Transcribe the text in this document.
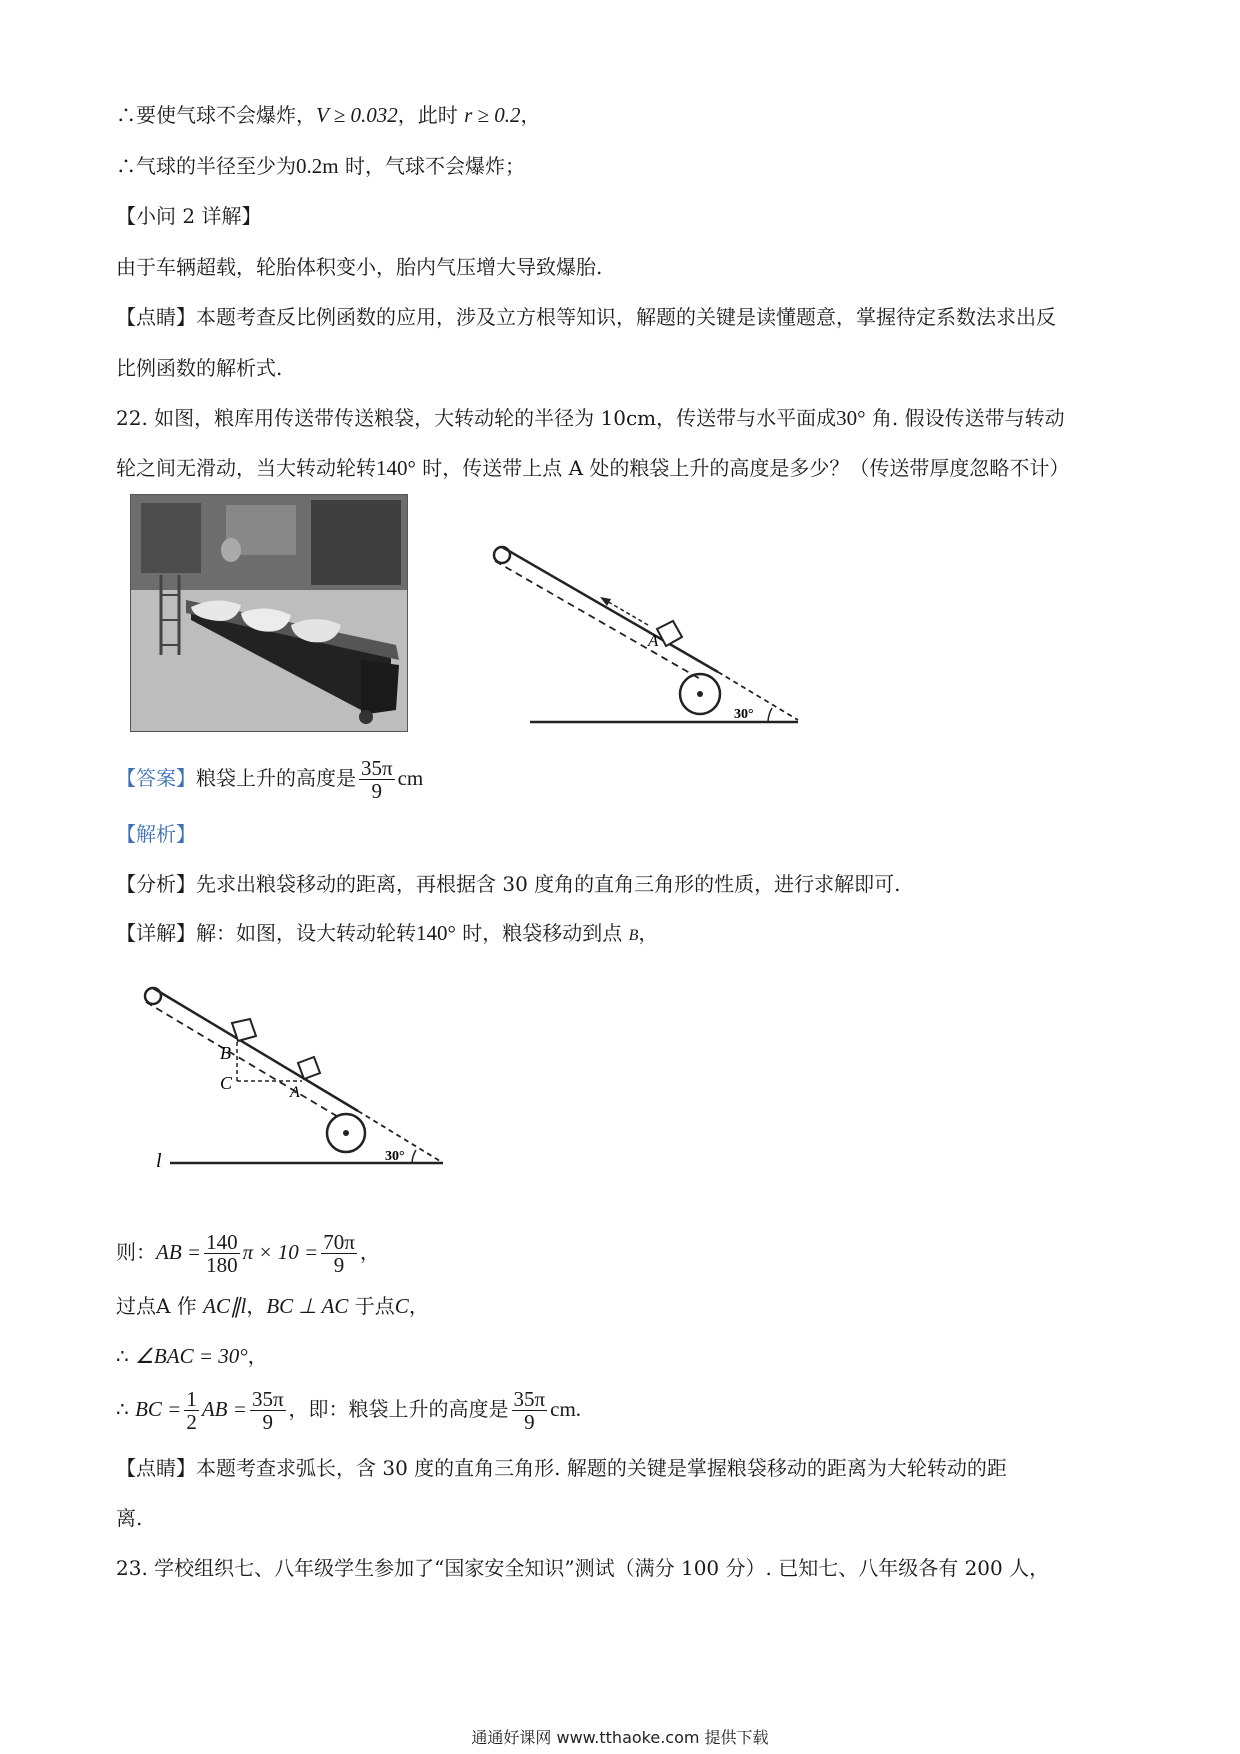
∴要使气球不会爆炸，V ≥ 0.032，此时 r ≥ 0.2，
∴气球的半径至少为0.2m 时，气球不会爆炸；
【小问 2 详解】
由于车辆超载，轮胎体积变小，胎内气压增大导致爆胎.
【点睛】本题考查反比例函数的应用，涉及立方根等知识，解题的关键是读懂题意，掌握待定系数法求出反
比例函数的解析式.
22. 如图，粮库用传送带传送粮袋，大转动轮的半径为 10cm，传送带与水平面成30° 角. 假设传送带与转动
轮之间无滑动，当大转动轮转140° 时，传送带上点 A 处的粮袋上升的高度是多少？（传送带厚度忽略不计）
A
30°
【答案】粮袋上升的高度是 $\frac{35\pi}{9}$ cm
【解析】
【分析】先求出粮袋移动的距离，再根据含 30 度角的直角三角形的性质，进行求解即可.
【详解】解：如图，设大转动轮转140° 时，粮袋移动到点 B，
B
C	A
l	30°
则：AB = $\frac{140}{180}$ $\pi \times 10 = \frac{70\pi}{9}$ ，
过点A 作 AC∥l，BC ⊥ AC 于点C，
∴ ∠BAC = 30°，
∴ BC = $\frac{1}{2}$ AB = $\frac{35\pi}{9}$ ，即：粮袋上升的高度是 $\frac{35\pi}{9}$ cm.
【点睛】本题考查求弧长，含 30 度的直角三角形. 解题的关键是掌握粮袋移动的距离为大轮转动的距
离.
23. 学校组织七、八年级学生参加了“国家安全知识”测试（满分 100 分）. 已知七、八年级各有 200 人，
通通好课网 www.tthaoke.com 提供下载
